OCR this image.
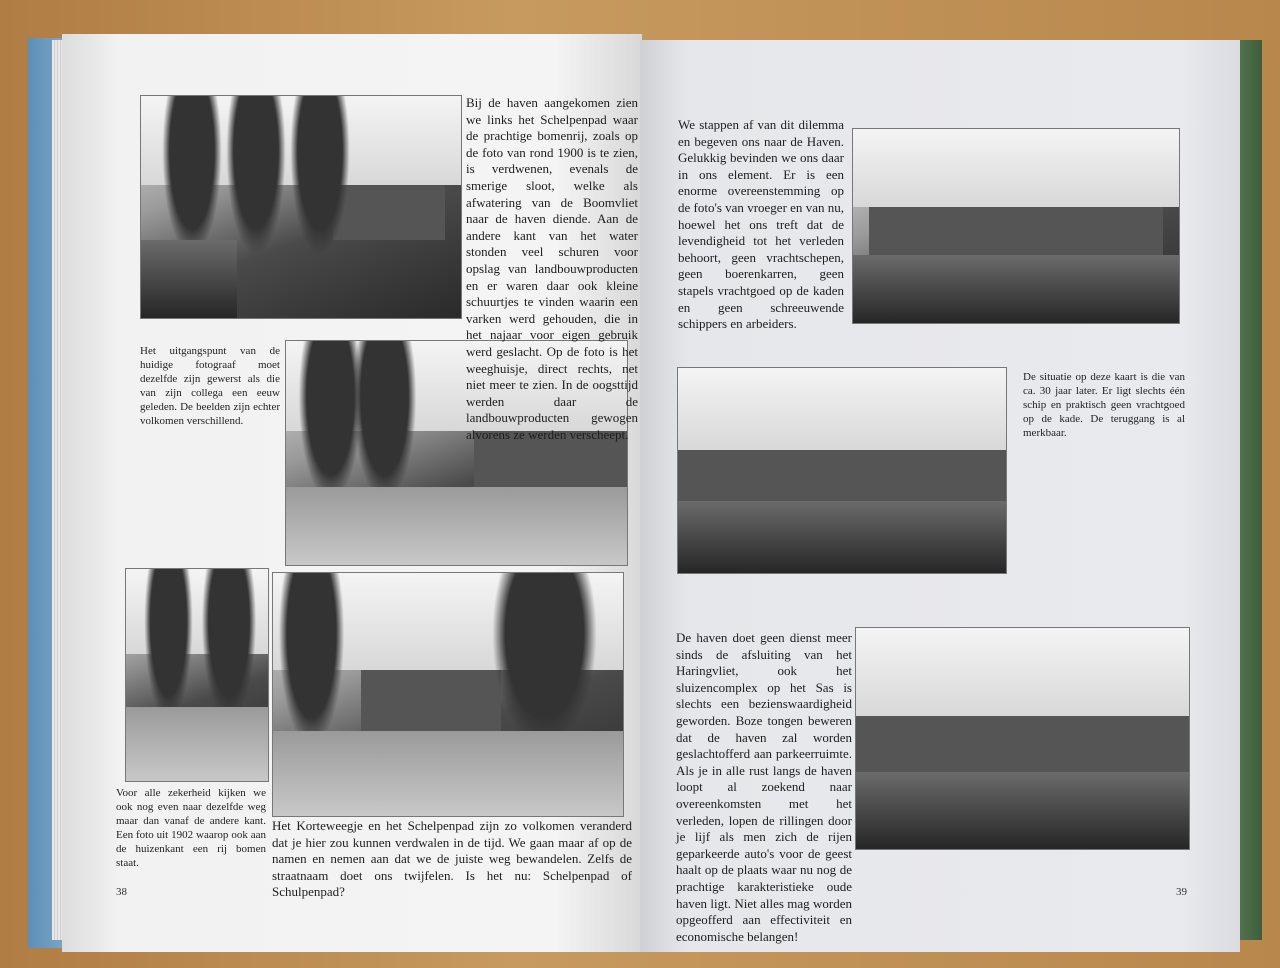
Bij de haven aangekomen zien we links het Schelpenpad waar de prachtige bomenrij, zoals op de foto van rond 1900 is te zien, is verdwenen, evenals de smerige sloot, welke als afwatering van de Boomvliet naar de haven diende. Aan de andere kant van het water stonden veel schuren voor opslag van landbouwproducten en er waren daar ook kleine schuurtjes te vinden waarin een varken werd gehouden, die in het najaar voor eigen gebruik werd geslacht. Op de foto is het weeghuisje, direct rechts, net niet meer te zien. In de oogsttijd werden daar de landbouwproducten gewogen alvorens ze werden verscheept.
Het uitgangspunt van de huidige fotograaf moet dezelfde zijn gewerst als die van zijn collega een eeuw geleden. De beelden zijn echter volkomen verschillend.
Voor alle zekerheid kijken we ook nog even naar dezelfde weg maar dan vanaf de andere kant. Een foto uit 1902 waarop ook aan de huizenkant een rij bomen staat.
Het Korteweegje en het Schelpenpad zijn zo volkomen veranderd dat je hier zou kunnen verdwalen in de tijd. We gaan maar af op de namen en nemen aan dat we de juiste weg bewandelen. Zelfs de straatnaam doet ons twijfelen. Is het nu: Schelpenpad of Schulpenpad?
38
We stappen af van dit dilemma en begeven ons naar de Haven. Gelukkig bevinden we ons daar in ons element. Er is een enorme overeenstemming op de foto's van vroeger en van nu, hoewel het ons treft dat de levendigheid tot het verleden behoort, geen vrachtschepen, geen boerenkarren, geen stapels vrachtgoed op de kaden en geen schreeuwende schippers en arbeiders.
De situatie op deze kaart is die van ca. 30 jaar later. Er ligt slechts één schip en praktisch geen vrachtgoed op de kade. De teruggang is al merkbaar.
De haven doet geen dienst meer sinds de afsluiting van het Haringvliet, ook het sluizencomplex op het Sas is slechts een bezienswaardigheid geworden. Boze tongen beweren dat de haven zal worden geslachtofferd aan parkeerruimte. Als je in alle rust langs de haven loopt al zoekend naar overeenkomsten met het verleden, lopen de rillingen door je lijf als men zich de rijen geparkeerde auto's voor de geest haalt op de plaats waar nu nog de prachtige karakteristieke oude haven ligt. Niet alles mag worden opgeofferd aan effectiviteit en economische belangen!
39
